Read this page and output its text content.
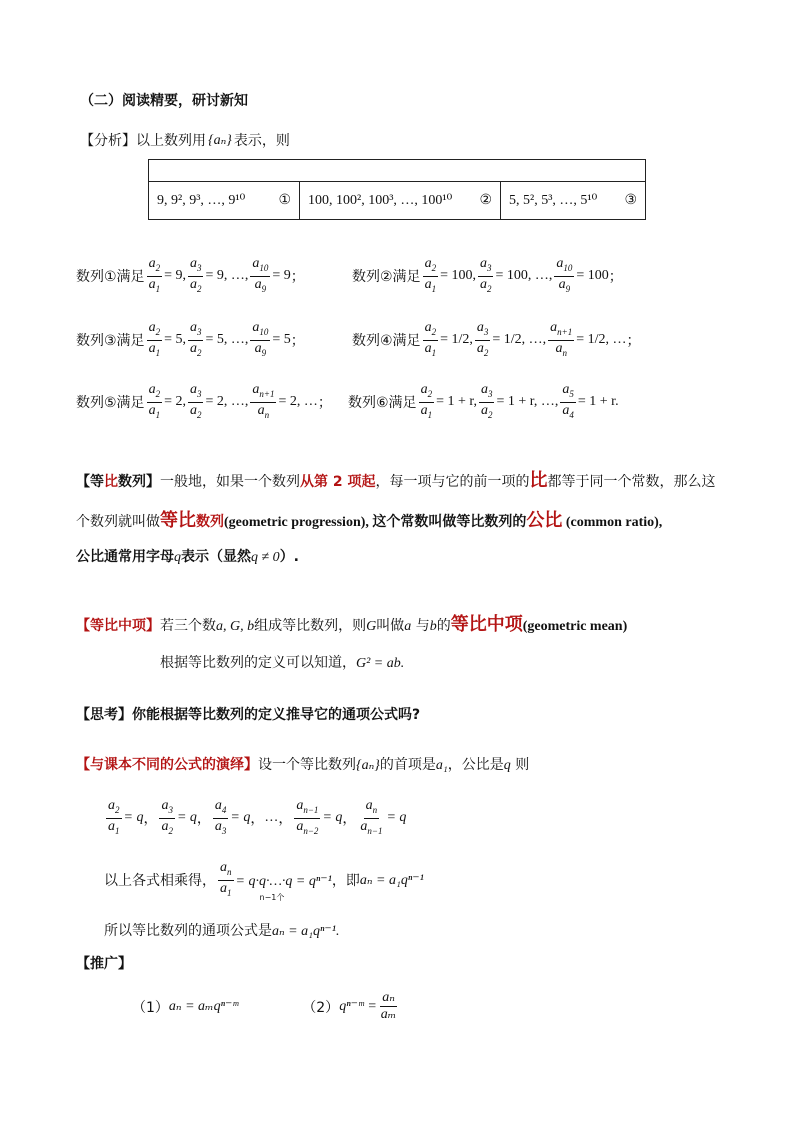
（二）阅读精要，研讨新知
【分析】 以上数列用 {aₙ} 表示，则

9, 9², 9³, …, 9¹⁰ ①	100, 100², 100³, …, 100¹⁰ ②	5, 5², 5³, …, 5¹⁰ ③
数列①满足 $\frac{a_2}{a_1} = 9$, $\frac{a_3}{a_2} = 9$, …, $\frac{a_{10}}{a_9} = 9$ ；	数列②满足 $\frac{a_2}{a_1} = 100$, $\frac{a_3}{a_2} = 100$, …, $\frac{a_{10}}{a_9} = 100$ ；
数列③满足 $\frac{a_2}{a_1} = 5$, $\frac{a_3}{a_2} = 5$, …, $\frac{a_{10}}{a_9} = 5$ ；	数列④满足 $\frac{a_2}{a_1} = 1/2$, $\frac{a_3}{a_2} = 1/2$, …, $\frac{a_{n+1}}{a_n} = 1/2$, … ；
数列⑤满足 $\frac{a_2}{a_1} = 2$, $\frac{a_3}{a_2} = 2$, …, $\frac{a_{n+1}}{a_n} = 2$, … ； 数列⑥满足 $\frac{a_2}{a_1} = 1 + r$, $\frac{a_3}{a_2} = 1 + r$, …, $\frac{a_5}{a_4} = 1 + r$.
【等比数列】一般地，如果一个数列从第 2 项起，每一项与它的前一项的比都等于同一个常数，那么这
个数列就叫做等比数列(geometric progression), 这个常数叫做等比数列的公比 (common ratio),
公比通常用字母q表示（显然q ≠ 0）.
【等比中项】若三个数a, G, b组成等比数列，则G叫做a 与b的等比中项(geometric mean)
根据等比数列的定义可以知道，G² = ab.
【思考】你能根据等比数列的定义推导它的通项公式吗?
【与课本不同的公式的演绎】设一个等比数列{aₙ}的首项是a₁，公比是q 则
$\frac{a_2}{a_1} = q$ ， $\frac{a_3}{a_2} = q$ ， $\frac{a_4}{a_3} = q$ ， … ， $\frac{a_{n-1}}{a_{n-2}} = q$ ， $\frac{a_n}{a_{n-1}} = q$
以上各式相乘得， $\frac{a_n}{a_1}$ = q·q·…·q = qⁿ⁻¹
n−1个
，即 aₙ = a₁qⁿ⁻¹
所以等比数列的通项公式是aₙ = a₁qⁿ⁻¹.
【推广】
（1） aₙ = aₘqⁿ⁻ᵐ	（2） qⁿ⁻ᵐ = $\frac{\text{aₙ}}{\text{aₘ}}$
